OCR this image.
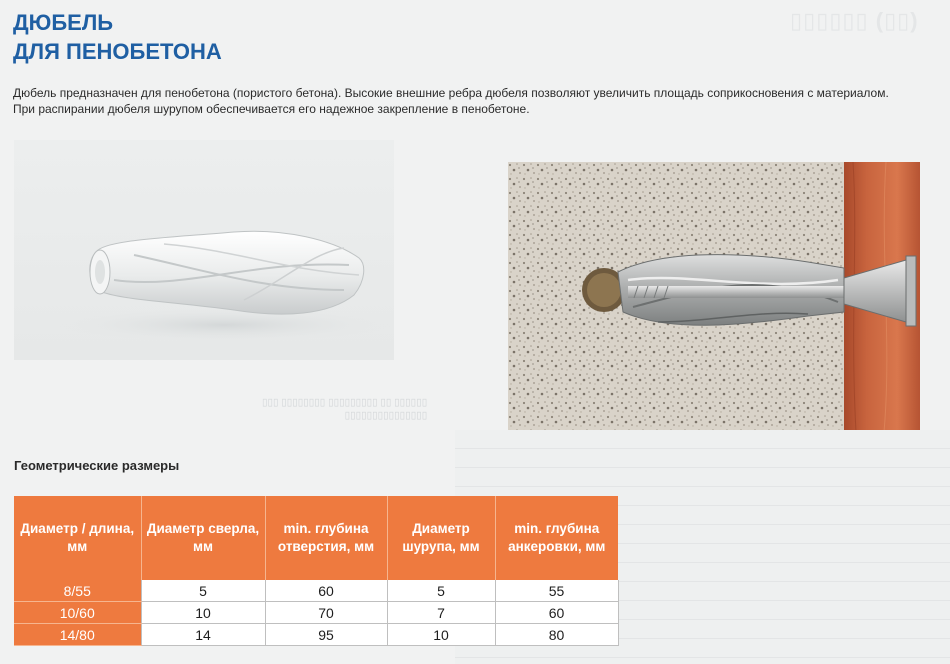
▯▯▯▯▯▯ (▯▯)
ДЮБЕЛЬ
ДЛЯ ПЕНОБЕТОНА
Дюбель предназначен для пенобетона (пористого бетона). Высокие внешние ребра дюбеля позволяют увеличить площадь соприкосновения с материалом.
При распирании дюбеля шурупом обеспечивается его надежное закрепление в пенобетоне.
▯▯▯▯▯▯▯▯▯▯▯▯▯▯▯
▯▯▯ ▯▯▯▯▯▯▯▯ ▯▯▯▯▯▯▯▯▯ ▯▯ ▯▯▯▯▯▯
Геометрические размеры
Диаметр / длина, мм	Диаметр сверла, мм	min. глубина отверстия, мм	Диаметр шурупа, мм	min. глубина анкеровки, мм
8/55	5	60	5	55
10/60	10	70	7	60
14/80	14	95	10	80
